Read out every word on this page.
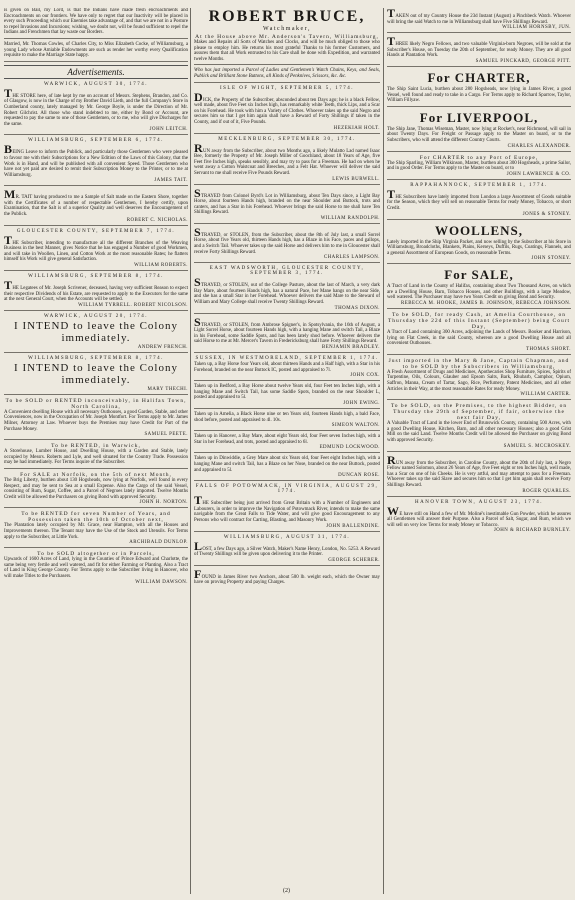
is given on Bail, my Lord, is that the Indians have made fresh encroachments and Encroachments on our frontiers. We have only to regret that our Inactivity will be placed in every such Proceeding which our Enemies take advantage of, and that we are not in a Posture to repel Invasions and Incursions; wishing, we doubt not, will be found sufficient to repel the Indians and Frenchmen that lay waste our Borders.

Married, Mr. Thomas Cowles, of Charles City, to Miss Elizabeth Cocke, of Williamsburg, a young Lady whose Amiable Endowments are such as render her worthy every Qualification requisite to make the Marriage State happy.

Advertisements.
WARWICK, AUGUST 30, 1774.

THE STORE here, of late kept by me on account of Messrs. Stephens, Brandon, and Co. of Glasgow, is now in the Charge of my Brother David Lieth, and the full Company's Store in Cumberland county, lately managed by Mr. George Boyle, is under the Direction of Mr. Robert Gilchrist. All those who stand indebted to me, either by Bond or Account, are requested to pay the same to one of those Gentlemen, or to me, who will give Discharges for the same.

JOHN LEITCH.
WILLIAMSBURG, SEPTEMBER 6, 1774.

BEING Leave to inform the Publick, and particularly those Gentlemen who were pleased to favour me with their Subscriptions for a New Edition of the Laws of this Colony, that the Work is in Hand, and will be published with all convenient Speed. Those Gentlemen who have not yet paid are desired to remit their Subscription Money to the Printer, or to me at Williamsburg.

JAMES TAIT.

MR. TAIT having produced to me a Sample of Salt made on the Eastern Shore, together with the Certificates of a number of respectable Gentlemen, I hereby certify, upon Examination, that the Salt is of a superior Quality and well deserves the Encouragement of the Publick.

ROBERT C. NICHOLAS.
GLOUCESTER COUNTY, SEPTEMBER 7, 1774.

THE Subscriber, intending to manufacture all the different Branches of the Weaving Business in the best Manner, gives Notice that he has engaged a Number of good Workmen, and will take in Woollen, Linen, and Cotton Work at the most reasonable Rates; he flatters himself his Work will give general Satisfaction.

WILLIAM ROBERTS.
WILLIAMSBURG, SEPTEMBER 8, 1774.

THE Legatees of Mr. Joseph Scrivener, deceased, having very sufficient Reason to expect their respective Dividends of his Estate, are requested to apply to the Executors for the same at the next General Court, when the Accounts will be settled.

WILLIAM TYRRELL. ROBERT NICOLSON.
WARWICK, AUGUST 20, 1774.
I INTEND to leave the Colony immediately.
ANDREW FRENCH.
WILLIAMSBURG, SEPTEMBER 8, 1774.
I INTEND to leave the Colony immediately.
MARY THECHI.
To be SOLD or RENTED inconceivably, in Halifax Town, North Carolina,

A Convenient dwelling House with all necessary Outhouses, a good Garden, Stable, and other Conveniences, now in the Occupation of Mr. Joseph Montfort. For Terms apply to Mr. James Milner, Attorney at Law. Whoever buys the Premises may have Credit for Part of the Purchase Money.

SAMUEL PEETE.
To be RENTED, in Warwick,

A Storehouse, Lumber House, and Dwelling House, with a Garden and Stable, lately occupied by Messrs. Roberts and Lyle, and well situated for the Country Trade. Possession may be had immediately. For Terms inquire of the Subscriber.

For SALE at Norfolk, on the 5th of next Month,

The Brig Liberty, burthen about 130 Hogsheads, now lying at Norfolk, well found in every Respect, and may be sent to Sea at a small Expense. Also the Cargo of the said Vessel, consisting of Rum, Sugar, Coffee, and a Parcel of Negroes lately imported. Twelve Months Credit will be allowed the Purchasers on giving Bond with approved Security.

JOHN H. NORTON.
To be RENTED for seven Number of Years, and Possession taken the 10th of October next,

The Plantation lately occupied by Mr. Grace, near Hampton, with all the Houses and Improvements thereon. The Tenant may have the Use of the Stock and Utensils. For Terms apply to the Subscriber, at Little York.

ARCHIBALD DUNLOP.
To be SOLD altogether or in Parcels,

Upwards of 1600 Acres of Land, lying in the Counties of Prince Edward and Charlotte, the same being very fertile and well watered, and fit for either Farming or Planting. Also a Tract of Land in King George County. For Terms apply to the Subscriber living in Hanover, who will make Titles to the Purchasers.

WILLIAM DAWSON.
ROBERT BRUCE,
Watchmaker,
At the House above Mr. Anderson's Tavern, Williamsburg,

Makes and Repairs all Sorts of Watches and Clocks, and will be much obliged to those who please to employ him. He returns his most grateful Thanks to his former Customers, and assures them that all Work entrusted to his Care shall be done with Expedition, and warranted twelve Months.

Who has just imported a Parcel of Ladies and Gentlemen's Watch Chains, Keys, and Seals, Publick and Brilliant Stone Buttons, all Kinds of Penknives, Scissors, &c. &c.

ISLE OF WIGHT, SEPTEMBER 5, 1774.

DICK, the Property of the Subscriber, absconded about ten Days ago; he is a black Fellow, well made, about five Feet six Inches high, has remarkably white Teeth, thick Lips, and a Scar on his Forehead. He took with him a Variety of Clothes. Whoever takes up the said Negro and secures him so that I get him again shall have a Reward of Forty Shillings if taken in the County, and if out of it, Five Pounds.

HEZEKIAH HOLT.
MECKLENBURG, SEPTEMBER 30, 1774.

RUN away from the Subscriber, about two Months ago, a likely Mulatto Lad named Isaac Bee, formerly the Property of Mr. Joseph Miller of Goochland, about 18 Years of Age, five Feet five Inches high, speaks sensibly, and may try to pass for a Freeman. He had on when he went away a Cotton Waistcoat and Breeches, and a Felt Hat. Whoever will deliver the said Servant to me shall receive Five Pounds Reward.

LEWIS BURWELL.

STRAYED from Colonel Byrd's Lot in Williamsburg, about Ten Days since, a Light Bay Horse, about fourteen Hands high, branded on the near Shoulder and Buttock, trots and canters, and has a Star in his Forehead. Whoever brings the said Horse to me shall have Ten Shillings Reward.

WILLIAM RANDOLPH.

STRAYED, or STOLEN, from the Subscriber, about the 8th of July last, a small Sorrel Horse, about five Years old, thirteen Hands high, has a Blaze in his Face, paces and gallops, and a Switch Tail. Whoever takes up the said Horse and delivers him to me in Gloucester shall receive Forty Shillings Reward.

CHARLES LAMPSON.
EAST WADSWORTH, GLOUCESTER COUNTY, SEPTEMBER 3, 1774.

STRAYED, or STOLEN, out of the College Pasture, about the last of March, a very dark Bay Mare, about fourteen Hands high, has a natural Pace, her Mane hangs on the near Side, and she has a small Star in her Forehead. Whoever delivers the said Mare to the Steward of William and Mary College shall receive Twenty Shillings Reward.

THOMAS DIXON.

STRAYED, or STOLEN, from Ambrose Spigner's, in Spotsylvania, the 16th of August, a Light Sorrel Horse, about fourteen Hands high, with a hanging Mane and switch Tail, a Blaze in his Forehead, some Saddle Spots, and has been lately shod before. Whoever delivers the said Horse to me at Mr. Mercer's Tavern in Fredericksburg shall have Forty Shillings Reward.

BENJAMIN BRADLEY.
SUSSEX, IN WESTMORELAND, SEPTEMBER 1, 1774.

Taken up, a Bay Horse four Years old, about thirteen Hands and a Half high, with a Star in his Forehead, branded on the near Buttock IC, posted and appraised to 7l.

JOHN COX.

Taken up in Bedford, a Bay Horse about twelve Years old, four Feet ten Inches high, with a hanging Mane and Switch Tail, has some Saddle Spots, branded on the near Shoulder L, posted and appraised to 5l.

JOHN EWING.

Taken up in Amelia, a Black Horse nine or ten Years old, fourteen Hands high, a bald Face, shod before, posted and appraised to 4l. 10s.

SIMEON WALTON.

Taken up in Hanover, a Bay Mare, about eight Years old, four Feet seven Inches high, with a Star in her Forehead, and trots, posted and appraised to 6l.

EDMUND LOCKWOOD.

Taken up in Dinwiddie, a Grey Mare about six Years old, four Feet eight Inches high, with a hanging Mane and switch Tail, has a Blaze on her Nose, branded on the near Buttock, posted and appraised to 5l.

DUNCAN ROSE.
FALLS OF POTOWMACK, IN VIRGINIA, AUGUST 29, 1774.

THE Subscriber being just arrived from Great Britain with a Number of Engineers and Labourers, in order to improve the Navigation of Potowmack River, intends to make the same navigable from the Great Falls to Tide Water, and will give good Encouragement to any Persons who will contract for Carting, Blasting, and Masonry Work.

JOHN BALLENDINE.
WILLIAMSBURG, AUGUST 31, 1774.

LOST, a few Days ago, a Silver Watch, Maker's Name Henry, London, No. 5253. A Reward of Twenty Shillings will be given upon delivering it to the Printer.

GEORGE SCHERER.

FOUND in James River two Anchors, about 500 lb. weight each, which the Owner may have on proving Property and paying Charges.

TAKEN out of my Country House the 23d Instant (August) a Pinchbeck Watch. Whoever will bring the said Watch to me in Williamsburg shall have Five Shillings Reward.

WILLIAM HORNSBY, JUN.

THREE likely Negro Fellows, and two valuable Virginia-born Negroes, will be sold at the Subscriber's House, on Tuesday the 20th of September, for ready Money. They are all good Hands at Plantation Work.

SAMUEL PINCKARD, GEORGE PITT.
For CHARTER,

The Ship Saint Lucia, burthen about 280 Hogsheads, now lying in James River, a good Vessel, well found and ready to take in a Cargo. For Terms apply to Richard Sparrow, Taylor, William Fillyaw.

For LIVERPOOL,

The Ship Jane, Thomas Wiseman, Master, now lying at Rocket's, near Richmond, will sail in about Twenty Days. For Freight or Passage apply to the Master on board, or to the Subscribers, who will attend the different Country Courts.

CHARLES ALEXANDER.
For CHARTER to any Port of Europe,

The Ship Sparling, William Wilkinson, Master, burthen about 300 Hogsheads, a prime Sailor, and in good Order. For Terms apply to the Master on board, or to

JOHN LAWRENCE & CO.
RAPPAHANNOCK, SEPTEMBER 1, 1774.

THE Subscribers have lately imported from London a large Assortment of Goods suitable for the Season, which they will sell on reasonable Terms for ready Money, Tobacco, or short Credit.

JONES & STONEY.
WOOLLENS,

Lately imported in the Ship Virginia Packet, and now selling by the Subscriber at his Store in Williamsburg, Broadcloths, Blankets, Plains, Kerseys, Duffils, Rugs, Coatings, Flannels, and a general Assortment of European Goods, on reasonable Terms.

JOHN STONEY.
For SALE,

A Tract of Land in the County of Halifax, containing about Two Thousand Acres, on which are a Dwelling House, Barn, Tobacco Houses, and other Buildings, with a large Meadow, well watered. The Purchaser may have two Years Credit on giving Bond and Security.

REBECCA M. HOOKE, JAMES B. JOHNSON, REBECCA JOHNSON.
To be SOLD, for ready Cash, at Amelia Courthouse, on Thursday the 22d of this Instant (September) being Court Day,

A Tract of Land containing 300 Acres, adjoining the Lands of Messrs. Booker and Harrison, lying on Flat Creek, in the said County, whereon are a good Dwelling House and all convenient Outhouses.

THOMAS SHORT.
Just imported in the Mary & Jane, Captain Chapman, and to be SOLD by the Subscribers in Williamsburg,

A Fresh Assortment of Drugs and Medicines, Apothecaries Shop Furniture, Spices, Spirits of Turpentine, Oils, Colours, Glauber and Epsom Salts, Bark, Rhubarb, Camphor, Opium, Saffron, Manna, Cream of Tartar, Sago, Rice, Perfumery, Patent Medicines, and all other Articles in their Way, at the most reasonable Rates for ready Money.

WILLIAM CARTER.
To be SOLD, on the Premises, to the highest Bidder, on Thursday the 29th of September, if fair, otherwise the next fair Day,

A Valuable Tract of Land in the lower End of Brunswick County, containing 500 Acres, with a good Dwelling House, Kitchen, Barn, and all other necessary Houses; also a good Grist Mill on the said Land. Twelve Months Credit will be allowed the Purchaser on giving Bond with approved Security.

SAMUEL S. MCCROSKEY.

RUN away from the Subscriber, in Caroline County, about the 20th of July last, a Negro Fellow named Solomon, about 26 Years of Age, five Feet eight or ten Inches high, well made, has a Scar on one of his Cheeks. He is very artful, and may attempt to pass for a Freeman. Whoever takes up the said Slave and secures him so that I get him again shall receive Forty Shillings Reward.

ROGER QUARLES.
HANOVER TOWN, AUGUST 23, 1774.

WE have still on Hand a few of Mr. Moliné's inestimable Gun Powder, which he assures all Gentlemen will answer their Purpose. Also a Parcel of Salt, Sugar, and Rum, which we will sell on very low Terms for ready Money or Tobacco.

JOHN & RICHARD BURNLEY.
(2)
